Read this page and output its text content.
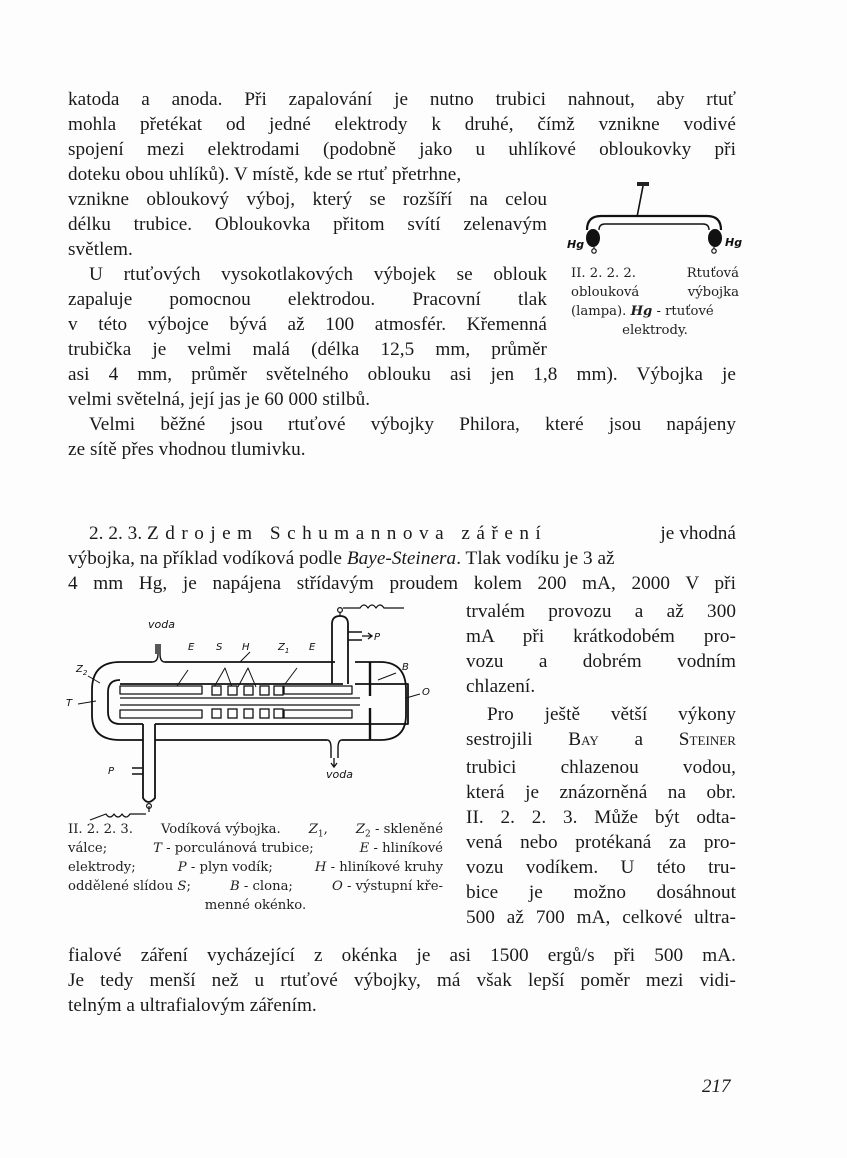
katoda a anoda. Při zapalování je nutno trubici nahnout, aby rtuť
mohla přetékat od jedné elektrody k druhé, čímž vznikne vodivé
spojení mezi elektrodami (podobně jako u uhlíkové obloukovky při
doteku obou uhlíků). V místě, kde se rtuť přetrhne,
vznikne obloukový výboj, který se rozšíří na celou
délku trubice. Obloukovka přitom svítí zelenavým
světlem.
U rtuťových vysokotlakových výbojek se oblouk
zapaluje pomocnou elektrodou. Pracovní tlak
v této výbojce bývá až 100 atmosfér. Křemenná
trubička je velmi malá (délka 12,5 mm, průměr
asi 4 mm, průměr světelného oblouku asi jen 1,8 mm). Výbojka je
velmi světelná, její jas je 60 000 stilbů.
Velmi běžné jsou rtuťové výbojky Philora, které jsou napájeny
ze sítě přes vhodnou tlumivku.
Hg	Hg
II. 2. 2. 2.	Rtuťová
oblouková výbojka
(lampa). Hg - rtuťové
elektrody.
2. 2. 3. Zdrojem Schumannova záření	je vhodná
výbojka, na příklad vodíková podle Baye-Steinera. Tlak vodíku je 3 až
4 mm Hg, je napájena střídavým proudem kolem 200 mA, 2000 V při
trvalém provozu a až 300
mA při krátkodobém pro-
vozu a dobrém vodním
chlazení.
Pro ještě větší výkony
sestrojili Bay a Steiner
trubici chlazenou vodou,
která je znázorněná na obr.
II. 2. 2. 3. Může být odta-
vená nebo protékaná za pro-
vozu vodíkem. U této tru-
bice je možno dosáhnout
500 až 700 mA, celkové ultra-
voda
voda
E S H	$Z_1$ E
$Z_2$
T
B
O
P
P
II. 2. 2. 3. Vodíková výbojka. $Z_1$, $Z_2$ - skleněné
válce;	T - porculánová trubice;	E - hliníkové
elektrody;	P - plyn vodík;	H - hliníkové kruhy
oddělené slídou S;	B - clona;	O - výstupní kře-
menné okénko.
fialové záření vycházející z okénka je asi 1500 ergů/s při 500 mA.
Je tedy menší než u rtuťové výbojky, má však lepší poměr mezi vidi-
telným a ultrafialovým zářením.
217
